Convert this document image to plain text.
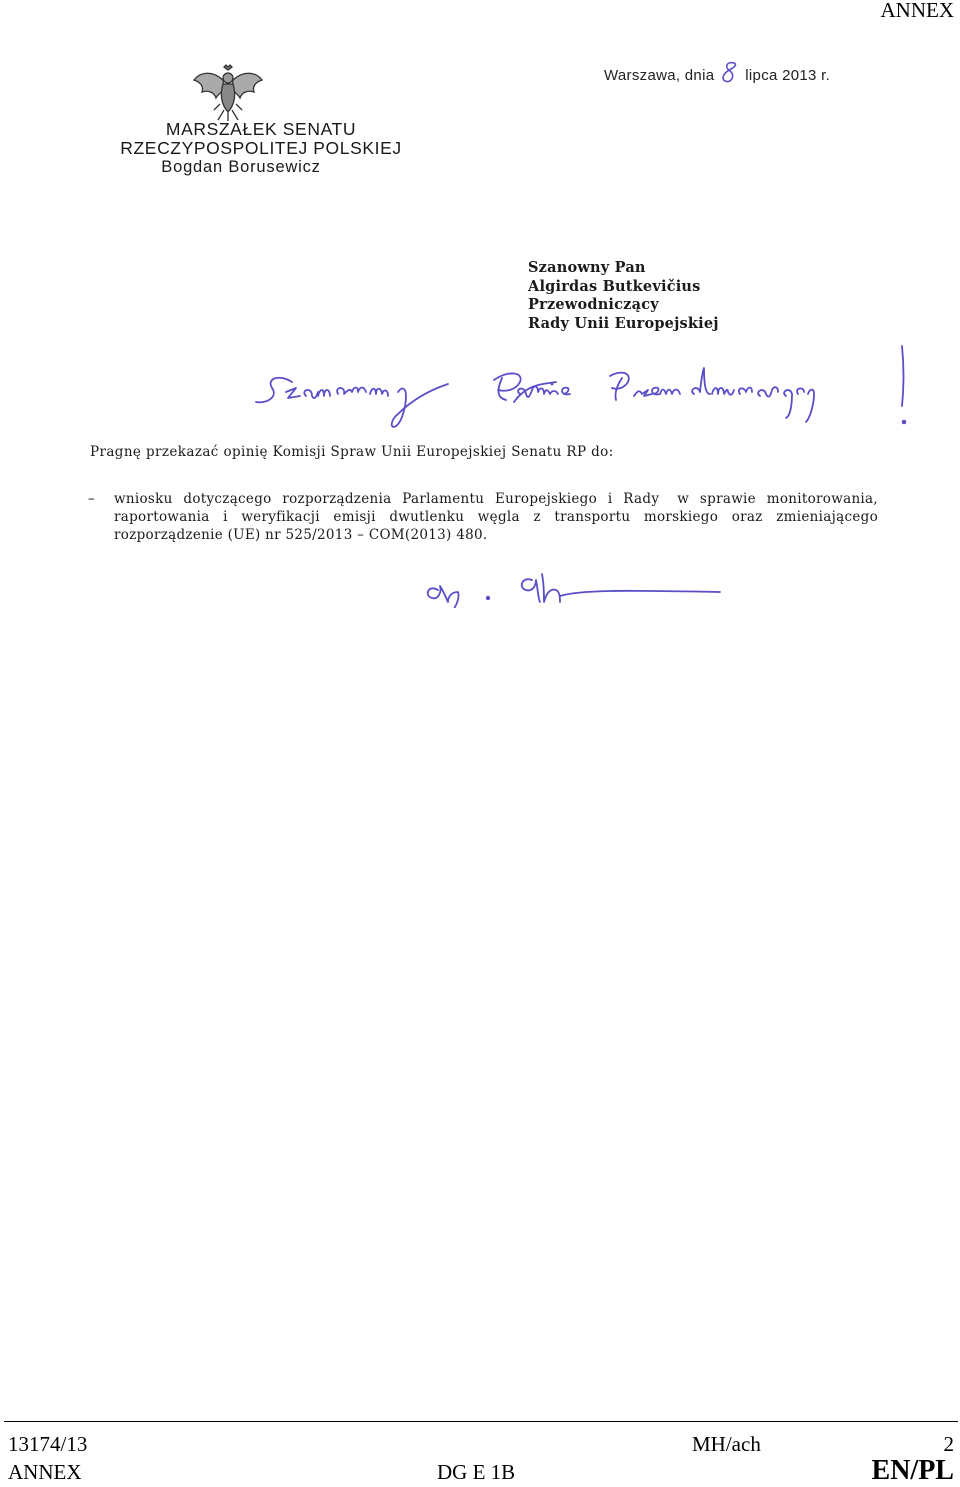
ANNEX
Warszawa, dnia lipca 2013 r.
MARSZAŁEK SENATU
RZECZYPOSPOLITEJ POLSKIEJ
Bogdan Borusewicz
Szanowny Pan
Algirdas Butkevičius
Przewodniczący
Rady Unii Europejskiej
Pragnę przekazać opinię Komisji Spraw Unii Europejskiej Senatu RP do:
–	wniosku dotyczącego rozporządzenia Parlamentu Europejskiego i Rady w sprawie monitorowania, raportowania i weryfikacji emisji dwutlenku węgla z transportu morskiego oraz zmieniającego rozporządzenie (UE) nr 525/2013 – COM(2013) 480.
13174/13
ANNEX	DG E 1B
MH/ach	2
EN/PL
